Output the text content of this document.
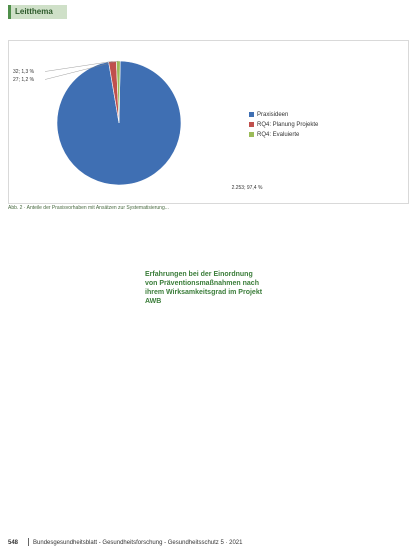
Leitthema
32; 1,3 %
27; 1,2 %
2.253; 97,4 %
Praxisideen
RQ4: Planung Projekte
RQ4: Evaluierte
Abb. 2 · Anteile der Praxisvorhaben mit Ansätzen zur Systematisierung...
Erfahrungen bei der Einordnung von Präventionsmaßnahmen nach ihrem Wirksamkeitsgrad im Projekt AWB
548	Bundesgesundheitsblatt - Gesundheitsforschung - Gesundheitsschutz 5 · 2021
